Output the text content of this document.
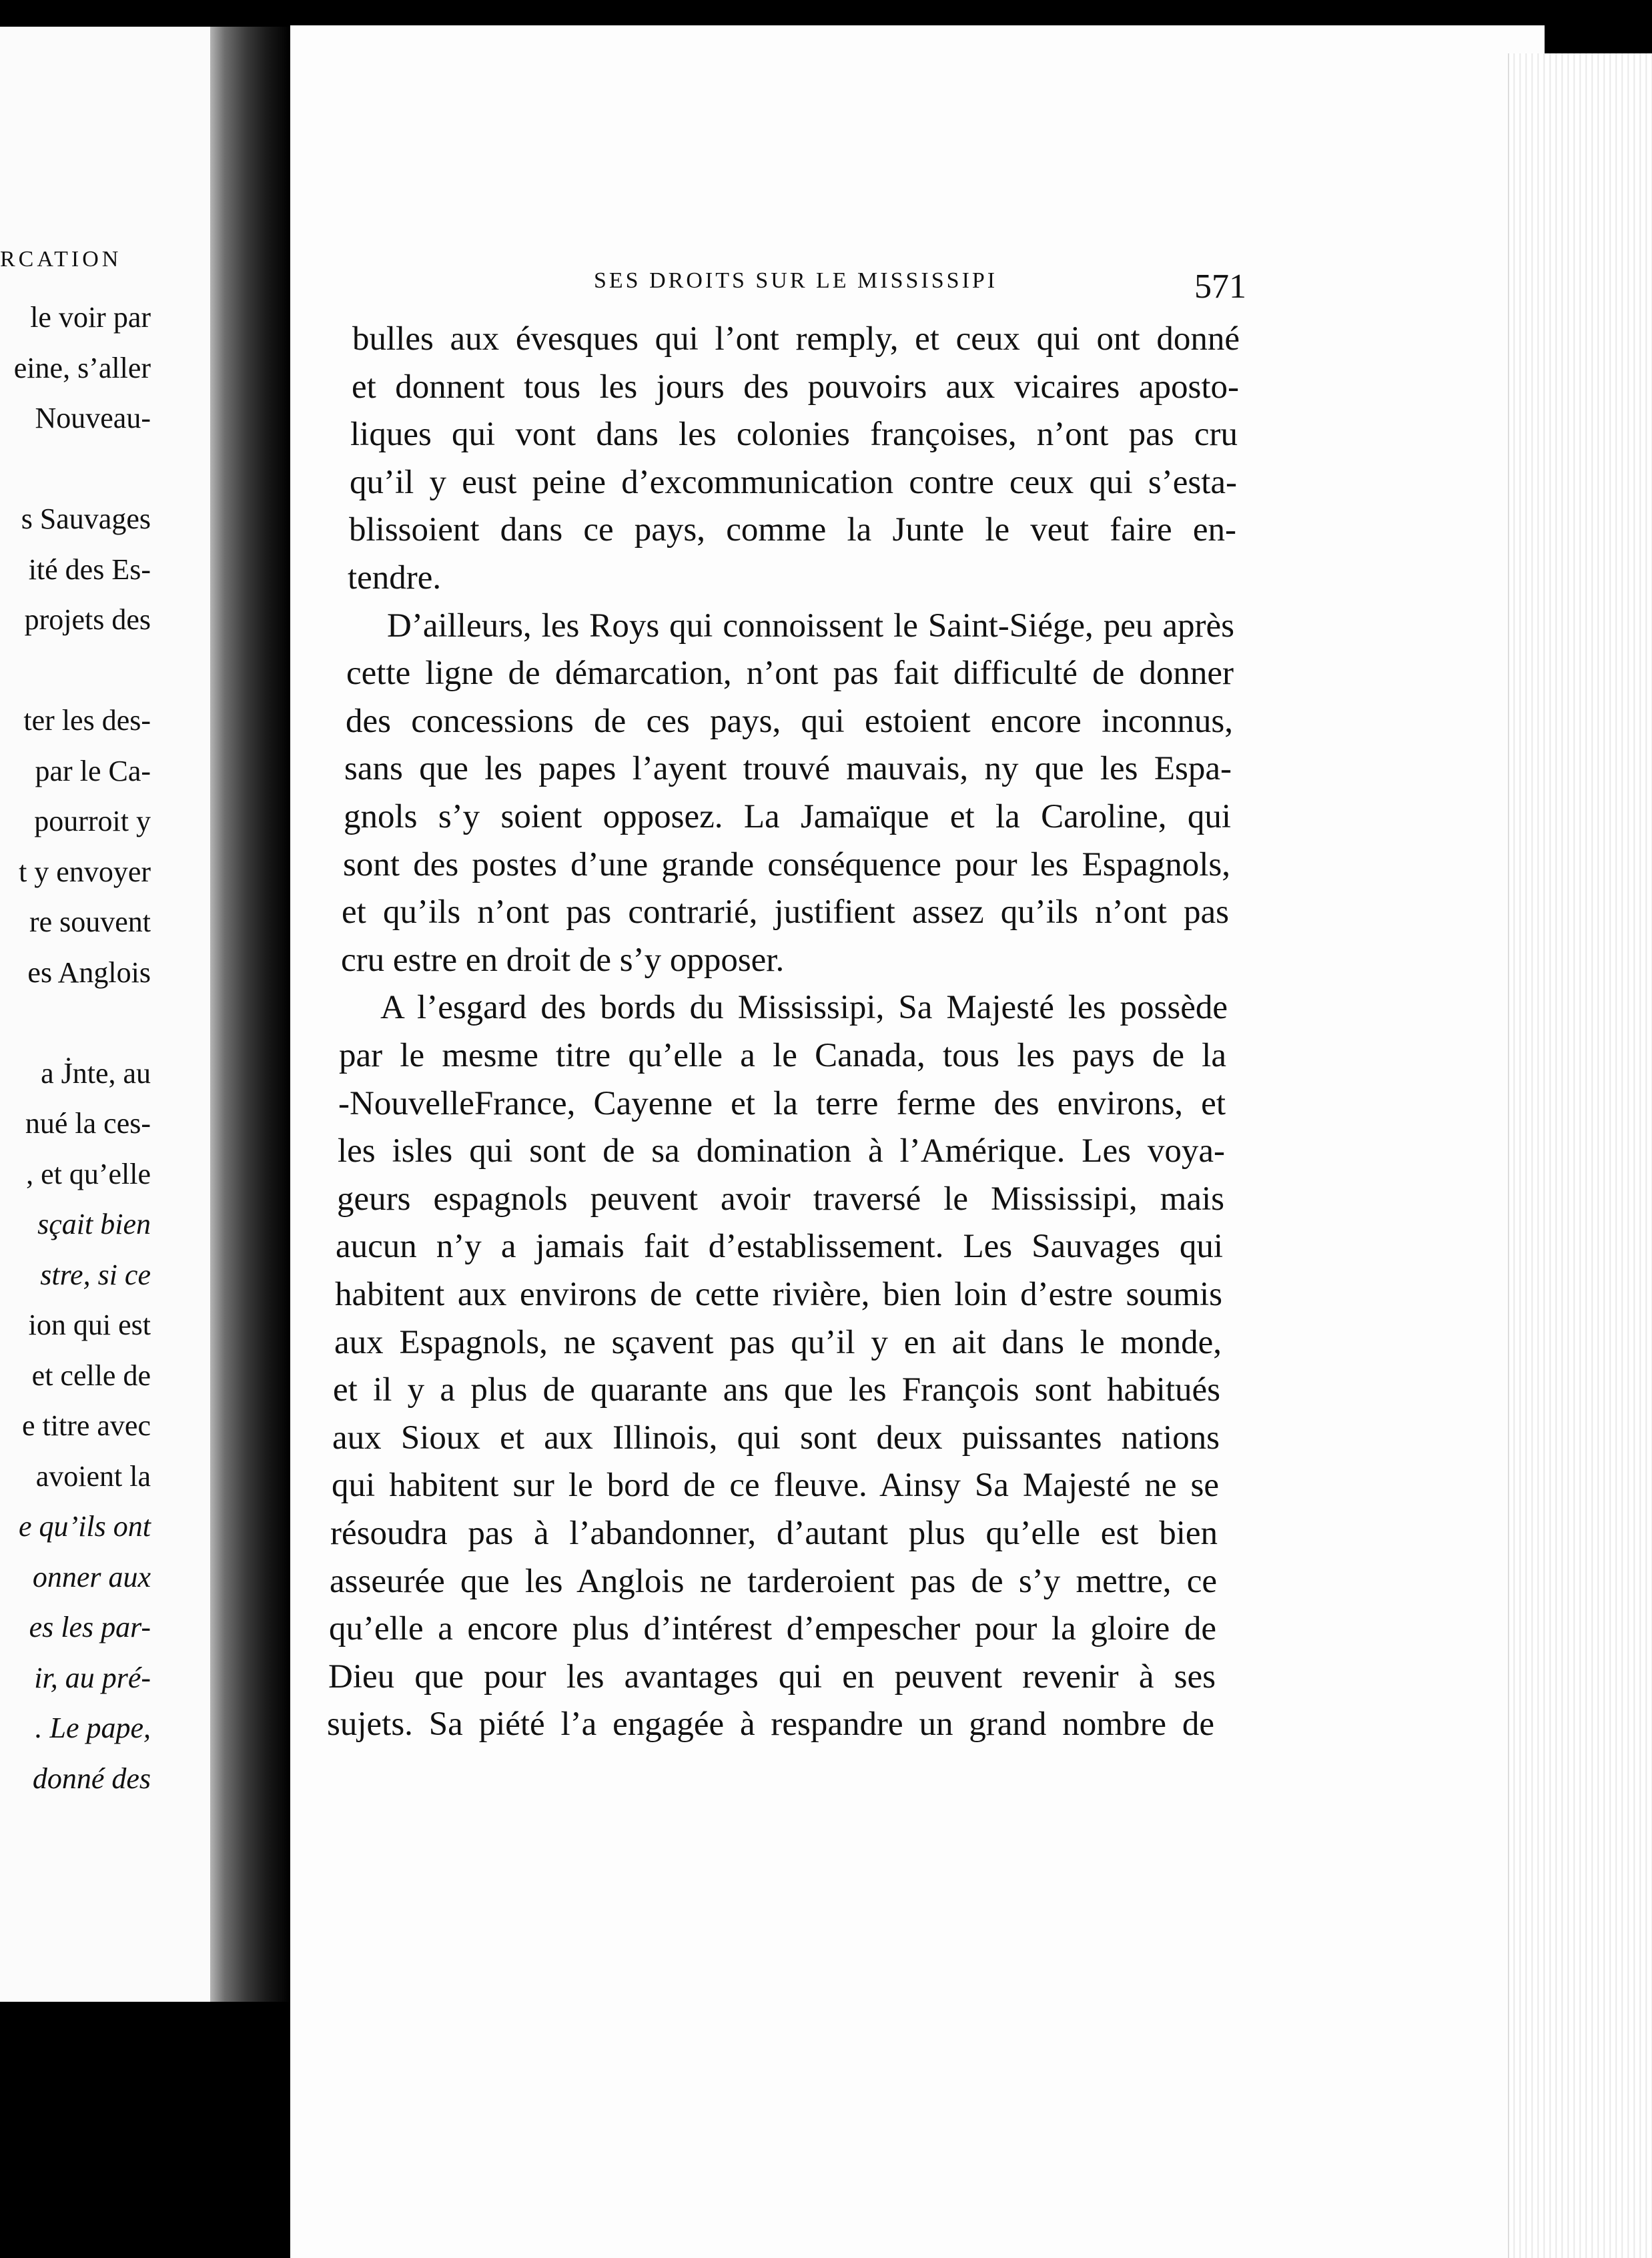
RCATION
le voir par
eine, s’aller
Nouveau-
s Sauvages
ité des Es-
projets des
ter les des-
par le Ca-
pourroit y
t y envoyer
re souvent
es Anglois
a J̇nte, au
nué la ces-
, et qu’elle
sçait bien
stre, si ce
ion qui est
et celle de
e titre avec
avoient la
e qu’ils ont
onner aux
es les par-
ir, au pré-
. Le pape,
donné des
SES DROITS SUR LE MISSISSIPI	571
bulles aux évesques qui l’ont remply, et ceux qui ont donné
et donnent tous les jours des pouvoirs aux vicaires aposto-
liques qui vont dans les colonies françoises, n’ont pas cru
qu’il y eust peine d’excommunication contre ceux qui s’esta-
blissoient dans ce pays, comme la Junte le veut faire en-
tendre.
D’ailleurs, les Roys qui connoissent le Saint-Siége, peu après
cette ligne de démarcation, n’ont pas fait difficulté de donner
des concessions de ces pays, qui estoient encore inconnus,
sans que les papes l’ayent trouvé mauvais, ny que les Espa-
gnols s’y soient opposez. La Jamaïque et la Caroline, qui
sont des postes d’une grande conséquence pour les Espagnols,
et qu’ils n’ont pas contrarié, justifient assez qu’ils n’ont pas
cru estre en droit de s’y opposer.
A l’esgard des bords du Mississipi, Sa Majesté les possède
par le mesme titre qu’elle a le Canada, tous les pays de la
-NouvelleFrance, Cayenne et la terre ferme des environs, et
les isles qui sont de sa domination à l’Amérique. Les voya-
geurs espagnols peuvent avoir traversé le Mississipi, mais
aucun n’y a jamais fait d’establissement. Les Sauvages qui
habitent aux environs de cette rivière, bien loin d’estre soumis
aux Espagnols, ne sçavent pas qu’il y en ait dans le monde,
et il y a plus de quarante ans que les François sont habitués
aux Sioux et aux Illinois, qui sont deux puissantes nations
qui habitent sur le bord de ce fleuve. Ainsy Sa Majesté ne se
résoudra pas à l’abandonner, d’autant plus qu’elle est bien
asseurée que les Anglois ne tarderoient pas de s’y mettre, ce
qu’elle a encore plus d’intérest d’empescher pour la gloire de
Dieu que pour les avantages qui en peuvent revenir à ses
sujets. Sa piété l’a engagée à respandre un grand nombre de
